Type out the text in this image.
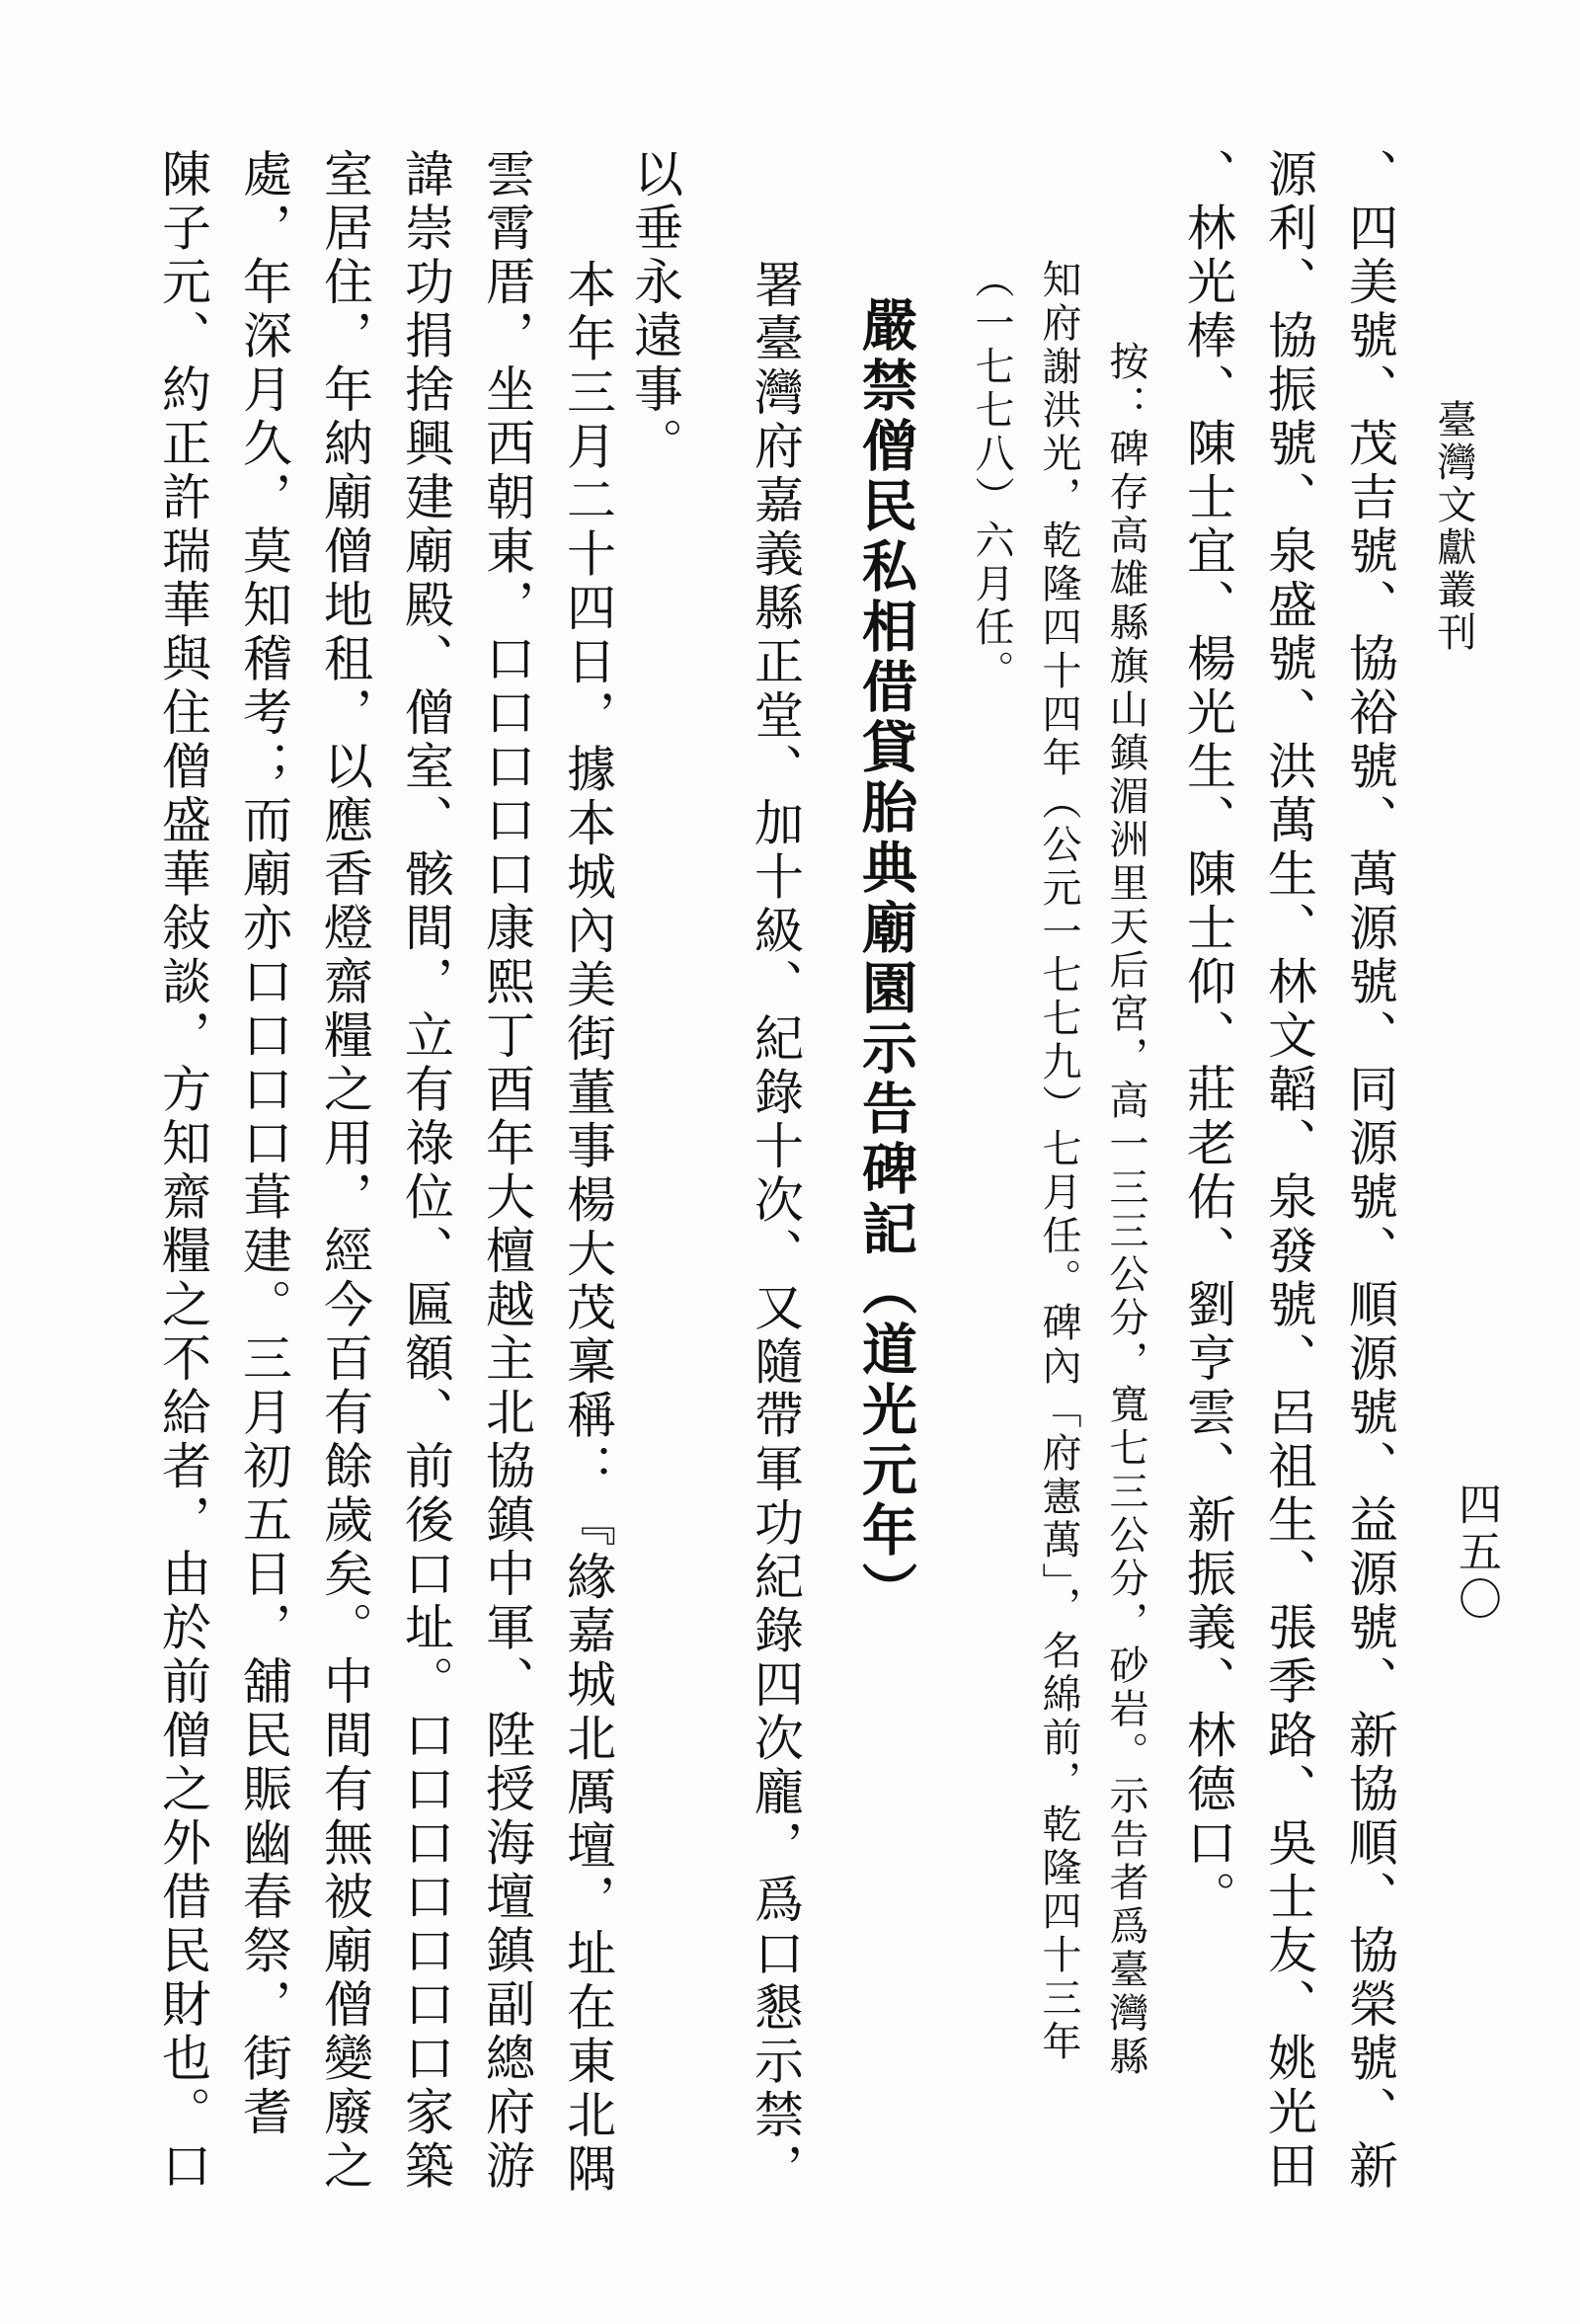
臺灣文獻叢刊
四五〇
、四美號、茂吉號、協裕號、萬源號、同源號、順源號、益源號、新協順、協榮號、新
源利、協振號、泉盛號、洪萬生、林文韜、泉發號、呂祖生、張季路、吳士友、姚光田
、林光棒、陳士宜、楊光生、陳士仰、莊老佑、劉亨雲、新振義、林德口。
按：碑存高雄縣旗山鎮湄洲里天后宮，高一三三公分，寬七三公分，砂岩。示告者爲臺灣縣
知府謝洪光，乾隆四十四年（公元一七七九）七月任。碑內「府憲萬」，名綿前，乾隆四十三年
（一七七八）六月任。
嚴禁僧民私相借貸胎典廟園示告碑記（道光元年）
署臺灣府嘉義縣正堂、加十級、紀錄十次、又隨帶軍功紀錄四次龐，爲口懇示禁，
以垂永遠事。
本年三月二十四日，據本城內美街董事楊大茂稟稱：『緣嘉城北厲壇，址在東北隅
雲霄厝，坐西朝東，口口口口口康熙丁酉年大檀越主北協鎮中軍、陞授海壇鎮副總府游
諱崇功捐捨興建廟殿、僧室、骸間，立有祿位、匾額、前後口址。口口口口口口口家築
室居住，年納廟僧地租，以應香燈齋糧之用，經今百有餘歲矣。中間有無被廟僧變廢之
處，年深月久，莫知稽考；而廟亦口口口口葺建。三月初五日，舖民賑幽春祭，街耆
陳子元、約正許瑞華與住僧盛華敍談，方知齋糧之不給者，由於前僧之外借民財也。口
